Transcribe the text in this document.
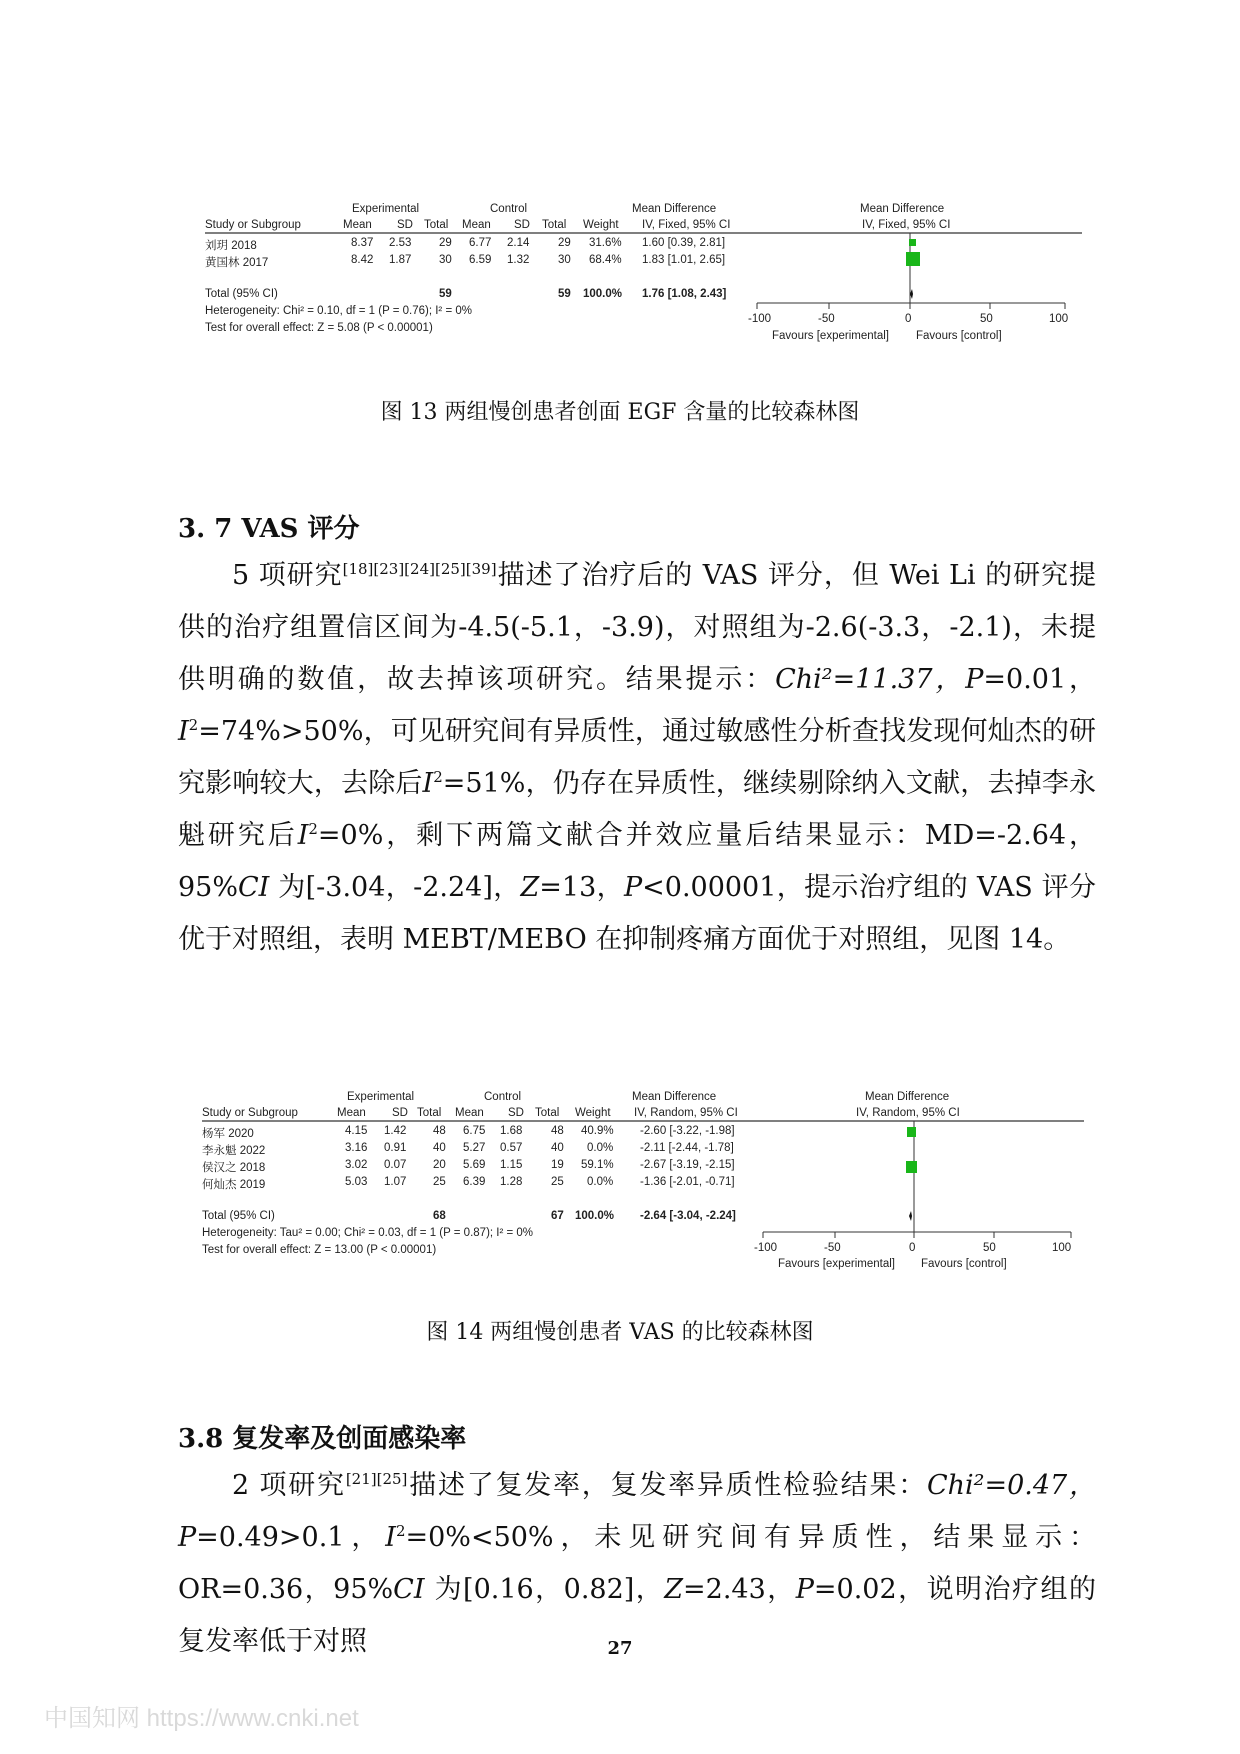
Experimental	Control	Mean Difference	Mean Difference
Study or Subgroup	Mean SD Total Mean SD Total Weight IV, Fixed, 95% CI	IV, Fixed, 95% CI
刘玥 2018	8.37 2.53 29 6.77 2.14 29 31.6% 1.60 [0.39, 2.81]
黄国林 2017	8.42 1.87 30 6.59 1.32 30 68.4% 1.83 [1.01, 2.65]
Total (95% CI)	59	59 100.0% 1.76 [1.08, 2.43]
Heterogeneity: Chi² = 0.10, df = 1 (P = 0.76); I² = 0%
Test for overall effect: Z = 5.08 (P < 0.00001)
-100	-50	0	50	100
Favours [experimental] Favours [control]
图 13 两组慢创患者创面 EGF 含量的比较森林图
3. 7 VAS 评分

5 项研究[18][23][24][25][39]描述了治疗后的 VAS 评分，但 Wei Li 的研究提供的治疗组置信区间为-4.5(-5.1，-3.9)，对照组为-2.6(-3.3，-2.1)，未提供明确的数值，故去掉该项研究。结果提示：Chi²=11.37，P=0.01，$I^2=74\%>50\%$，可见研究间有异质性，通过敏感性分析查找发现何灿杰的研究影响较大，去除后$I^2=51\%$，仍存在异质性，继续剔除纳入文献，去掉李永魁研究后$I^2=0\%$，剩下两篇文献合并效应量后结果显示：MD=-2.64，95%CI 为[-3.04，-2.24]，Z=13，P<0.00001，提示治疗组的 VAS 评分优于对照组，表明 MEBT/MEBO 在抑制疼痛方面优于对照组，见图 14。

Experimental	Control	Mean Difference	Mean Difference
Study or Subgroup	Mean SD Total Mean SD Total Weight IV, Random, 95% CI	IV, Random, 95% CI
杨军 2020	4.15 1.42 48 6.75 1.68 48 40.9% -2.60 [-3.22, -1.98]
李永魁 2022	3.16 0.91 40 5.27 0.57 40 0.0% -2.11 [-2.44, -1.78]
侯汉之 2018	3.02 0.07 20 5.69 1.15 19 59.1% -2.67 [-3.19, -2.15]
何灿杰 2019	5.03 1.07 25 6.39 1.28 25 0.0% -1.36 [-2.01, -0.71]
Total (95% CI)	68	67 100.0% -2.64 [-3.04, -2.24]
Heterogeneity: Tau² = 0.00; Chi² = 0.03, df = 1 (P = 0.87); I² = 0%
Test for overall effect: Z = 13.00 (P < 0.00001)	-100	-50	0	50	100
Favours [experimental] Favours [control]
图 14 两组慢创患者 VAS 的比较森林图
3.8 复发率及创面感染率

2 项研究[21][25]描述了复发率，复发率异质性检验结果：Chi²=0.47，P=0.49>0.1，$I^2=0\%<50\%$，未见研究间有异质性，结果显示：OR=0.36，95%CI 为[0.16，0.82]，Z=2.43，P=0.02，说明治疗组的复发率低于对照	27
中国知网 https://www.cnki.net
